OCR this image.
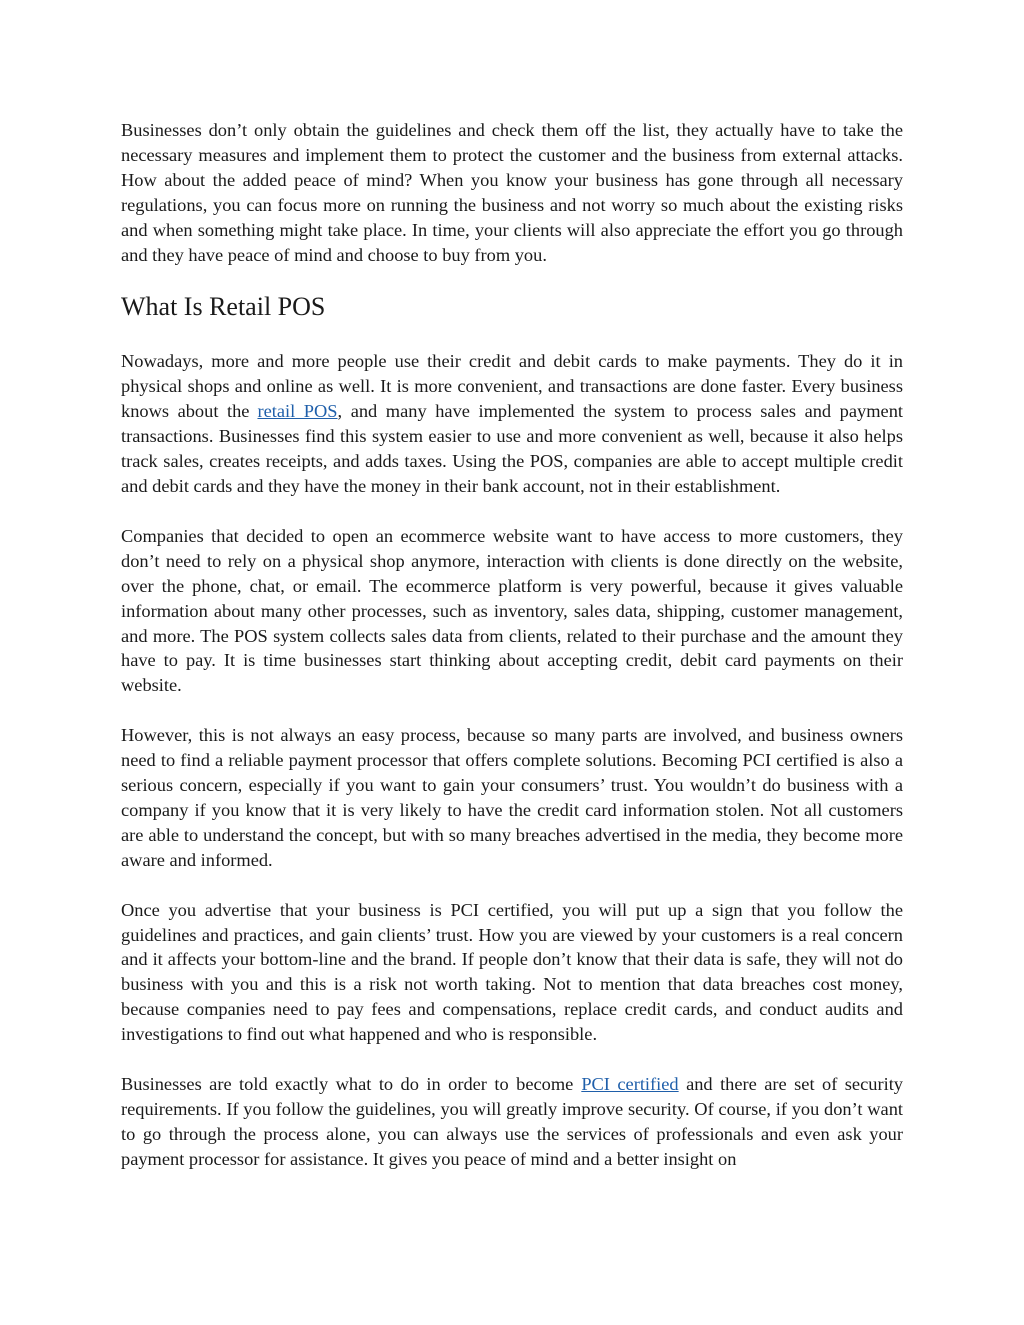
Businesses don’t only obtain the guidelines and check them off the list, they actually have to take the necessary measures and implement them to protect the customer and the business from external attacks. How about the added peace of mind? When you know your business has gone through all necessary regulations, you can focus more on running the business and not worry so much about the existing risks and when something might take place. In time, your clients will also appreciate the effort you go through and they have peace of mind and choose to buy from you.

What Is Retail POS

Nowadays, more and more people use their credit and debit cards to make payments. They do it in physical shops and online as well. It is more convenient, and transactions are done faster. Every business knows about the retail POS, and many have implemented the system to process sales and payment transactions. Businesses find this system easier to use and more convenient as well, because it also helps track sales, creates receipts, and adds taxes. Using the POS, companies are able to accept multiple credit and debit cards and they have the money in their bank account, not in their establishment.

Companies that decided to open an ecommerce website want to have access to more customers, they don’t need to rely on a physical shop anymore, interaction with clients is done directly on the website, over the phone, chat, or email. The ecommerce platform is very powerful, because it gives valuable information about many other processes, such as inventory, sales data, shipping, customer management, and more. The POS system collects sales data from clients, related to their purchase and the amount they have to pay. It is time businesses start thinking about accepting credit, debit card payments on their website.

However, this is not always an easy process, because so many parts are involved, and business owners need to find a reliable payment processor that offers complete solutions. Becoming PCI certified is also a serious concern, especially if you want to gain your consumers’ trust. You wouldn’t do business with a company if you know that it is very likely to have the credit card information stolen. Not all customers are able to understand the concept, but with so many breaches advertised in the media, they become more aware and informed.

Once you advertise that your business is PCI certified, you will put up a sign that you follow the guidelines and practices, and gain clients’ trust. How you are viewed by your customers is a real concern and it affects your bottom-line and the brand. If people don’t know that their data is safe, they will not do business with you and this is a risk not worth taking. Not to mention that data breaches cost money, because companies need to pay fees and compensations, replace credit cards, and conduct audits and investigations to find out what happened and who is responsible.

Businesses are told exactly what to do in order to become PCI certified and there are set of security requirements. If you follow the guidelines, you will greatly improve security. Of course, if you don’t want to go through the process alone, you can always use the services of professionals and even ask your payment processor for assistance. It gives you peace of mind and a better insight on
